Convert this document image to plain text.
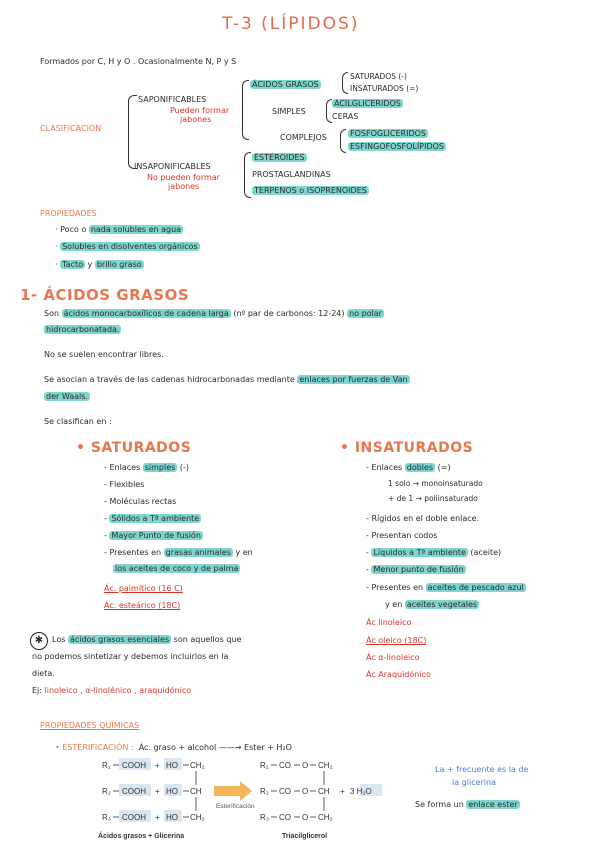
T-3 (LÍPIDOS)
Formados por C, H y O . Ocasionalmente N, P y S
CLASIFICACIÓN
SAPONIFICABLES
Pueden formar
jabones
INSAPONIFICABLES
No pueden formar
jabones
ÁCIDOS GRASOS
SATURADOS (-)
INSATURADOS (=)
SIMPLES
ACILGLICERIDOS
CERAS
COMPLEJOS	FOSFOGLICERIDOS
ESFINGOFOSFOLÍPIDOS
ESTEROIDES
PROSTAGLANDINAS
TERPENOS o ISOPRENOIDES
PROPIEDADES
· Poco o nada solubles en agua
· Solubles en disolventes orgánicos
· Tacto y brillo graso
1- ÁCIDOS GRASOS
Son ácidos monocarboxílicos de cadena larga (nº par de carbonos: 12-24) no polar
hidrocarbonatada.
No se suelen encontrar libres.
Se asocian a través de las cadenas hidrocarbonadas mediante enlaces por fuerzas de Van
der Waals.
Se clasifican en :
• SATURADOS
- Enlaces simples (-)
- Flexibles
- Moléculas rectas
- Sólidos a Tª ambiente
- Mayor Punto de fusión
- Presentes en grasas animales y en
los aceites de coco y de palma
Ác. palmítico (16 C)
Ác. esteárico (18C)
• INSATURADOS
- Enlaces dobles (=)
1 solo → monoinsaturado
+ de 1 → poliinsaturado
- Rígidos en el doble enlace.
- Presentan codos
- Líquidos a Tª ambiente (aceite)
- Menor punto de fusión
- Presentes en aceites de pescado azul
y en aceites vegetales
Ác linoleico
Ác oleico (18C)
Ác α-linoleico
Ác Araquidónico
✱	Los ácidos grasos esenciales son aquellos que
no podemos sintetizar y debemos incluirlos en la
dieta.
Ej: linoleico , α-linolénico , araquidónico
PROPIEDADES QUÍMICAS
• ESTERIFICACIÓN : Ác. graso + alcohol ——→ Ester + H₂O
La + frecuente es la de
la glicerina
Se forma un enlace ester
R₁
R₂
R₃
COOH
COOH
COOH
+
+
+
HO
HO
HO
CH₂
CH
CH₂
Esterificación
R₁
R₂
R₃
CO
CO
CO
O
O
O
CH₂
CH
CH₂
+ 3 H₂O
Ácidos grasos + Glicerina	Triacilglicerol
